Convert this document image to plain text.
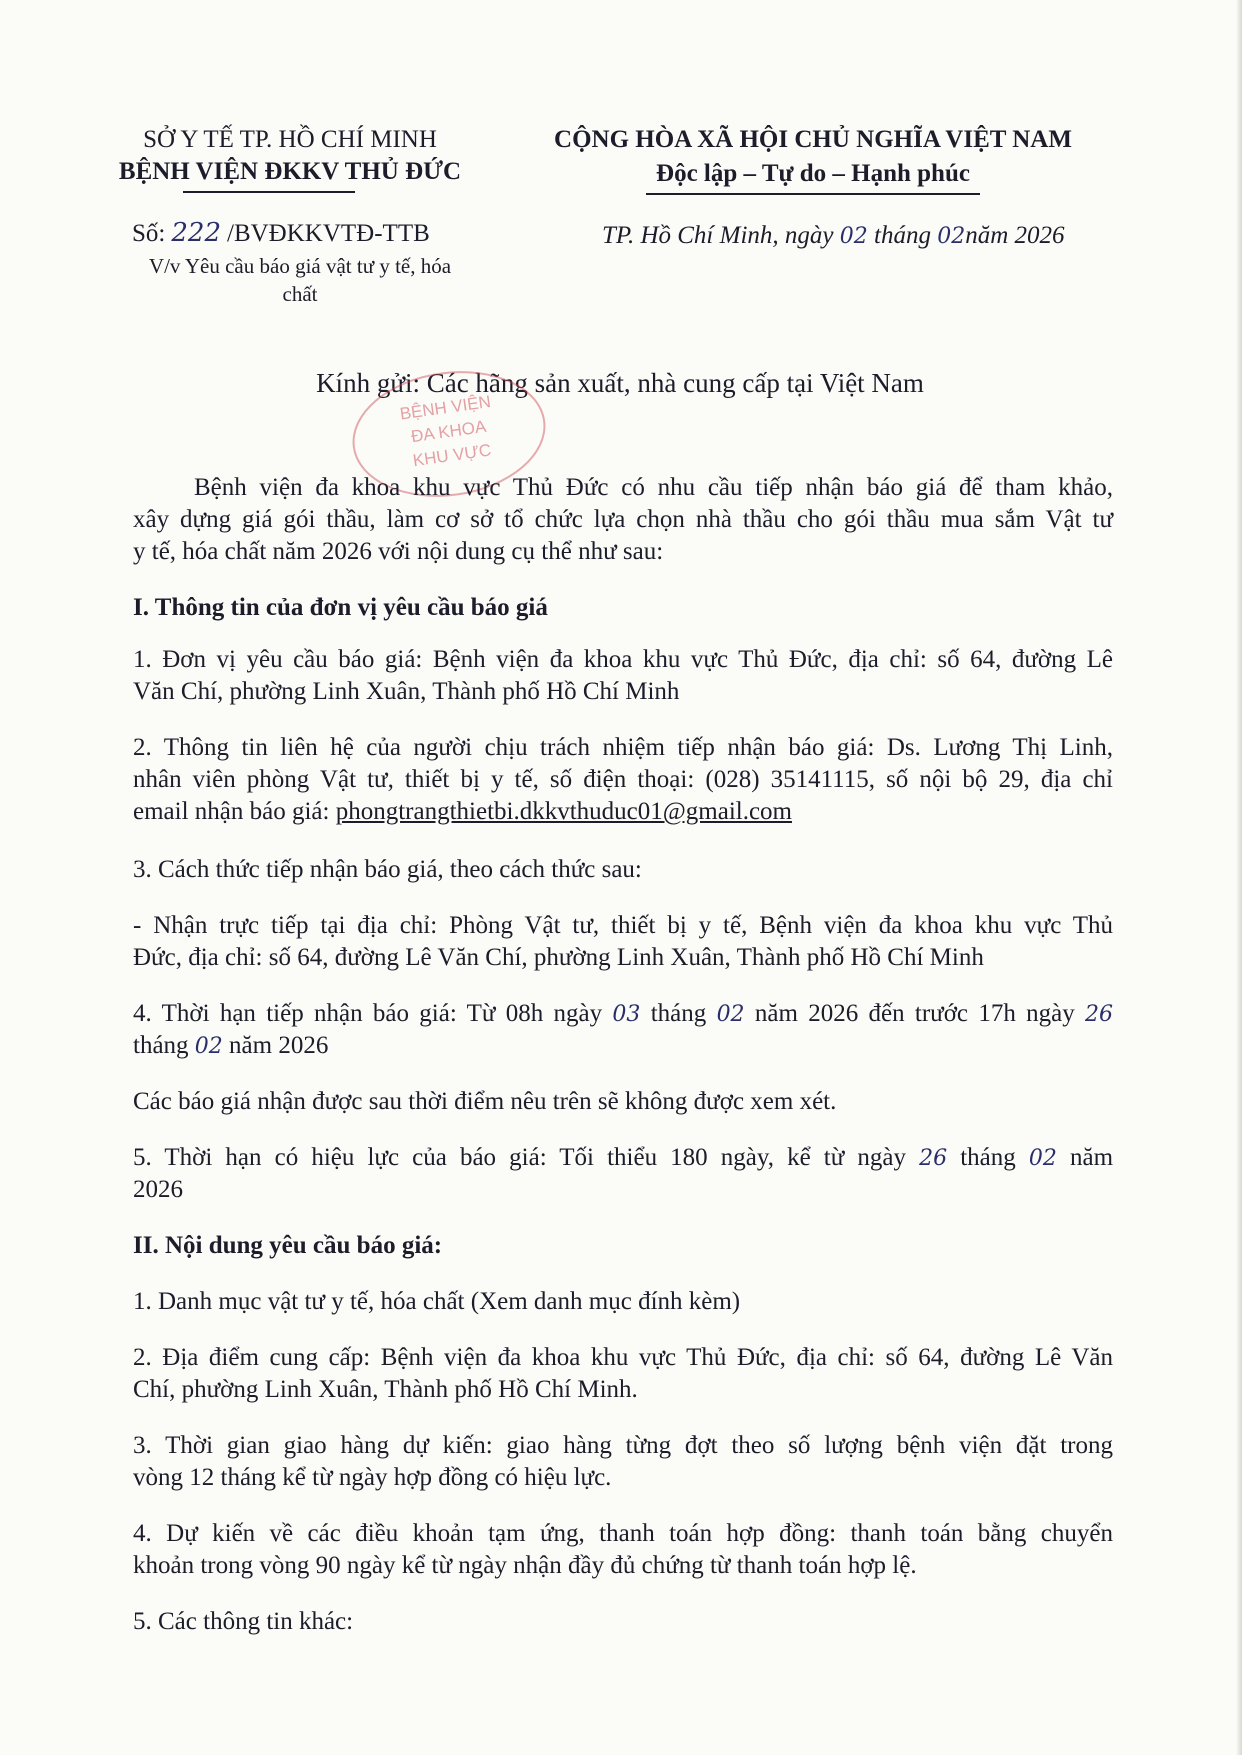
SỞ Y TẾ TP. HỒ CHÍ MINH
BỆNH VIỆN ĐKKV THỦ ĐỨC
CỘNG HÒA XÃ HỘI CHỦ NGHĨA VIỆT NAM
Độc lập – Tự do – Hạnh phúc
Số: 222 /BVĐKKVTĐ-TTB
V/v Yêu cầu báo giá vật tư y tế, hóa
chất
TP. Hồ Chí Minh, ngày 02 tháng 02năm 2026
Kính gửi: Các hãng sản xuất, nhà cung cấp tại Việt Nam
BỆNH VIỆN
ĐA KHOA
KHU VỰC
Bệnh viện đa khoa khu vực Thủ Đức có nhu cầu tiếp nhận báo giá để tham khảo,
xây dựng giá gói thầu, làm cơ sở tổ chức lựa chọn nhà thầu cho gói thầu mua sắm Vật tư
y tế, hóa chất năm 2026 với nội dung cụ thể như sau:
I. Thông tin của đơn vị yêu cầu báo giá
1. Đơn vị yêu cầu báo giá: Bệnh viện đa khoa khu vực Thủ Đức, địa chỉ: số 64, đường Lê
Văn Chí, phường Linh Xuân, Thành phố Hồ Chí Minh
2. Thông tin liên hệ của người chịu trách nhiệm tiếp nhận báo giá: Ds. Lương Thị Linh,
nhân viên phòng Vật tư, thiết bị y tế, số điện thoại: (028) 35141115, số nội bộ 29, địa chỉ
email nhận báo giá: phongtrangthietbi.dkkvthuduc01@gmail.com
3. Cách thức tiếp nhận báo giá, theo cách thức sau:
- Nhận trực tiếp tại địa chỉ: Phòng Vật tư, thiết bị y tế, Bệnh viện đa khoa khu vực Thủ
Đức, địa chỉ: số 64, đường Lê Văn Chí, phường Linh Xuân, Thành phố Hồ Chí Minh
4. Thời hạn tiếp nhận báo giá: Từ 08h ngày 03 tháng 02 năm 2026 đến trước 17h ngày 26
tháng 02 năm 2026
Các báo giá nhận được sau thời điểm nêu trên sẽ không được xem xét.
5. Thời hạn có hiệu lực của báo giá: Tối thiểu 180 ngày, kể từ ngày 26 tháng 02 năm
2026
II. Nội dung yêu cầu báo giá:
1. Danh mục vật tư y tế, hóa chất (Xem danh mục đính kèm)
2. Địa điểm cung cấp: Bệnh viện đa khoa khu vực Thủ Đức, địa chỉ: số 64, đường Lê Văn
Chí, phường Linh Xuân, Thành phố Hồ Chí Minh.
3. Thời gian giao hàng dự kiến: giao hàng từng đợt theo số lượng bệnh viện đặt trong
vòng 12 tháng kể từ ngày hợp đồng có hiệu lực.
4. Dự kiến về các điều khoản tạm ứng, thanh toán hợp đồng: thanh toán bằng chuyển
khoản trong vòng 90 ngày kể từ ngày nhận đầy đủ chứng từ thanh toán hợp lệ.
5. Các thông tin khác:
